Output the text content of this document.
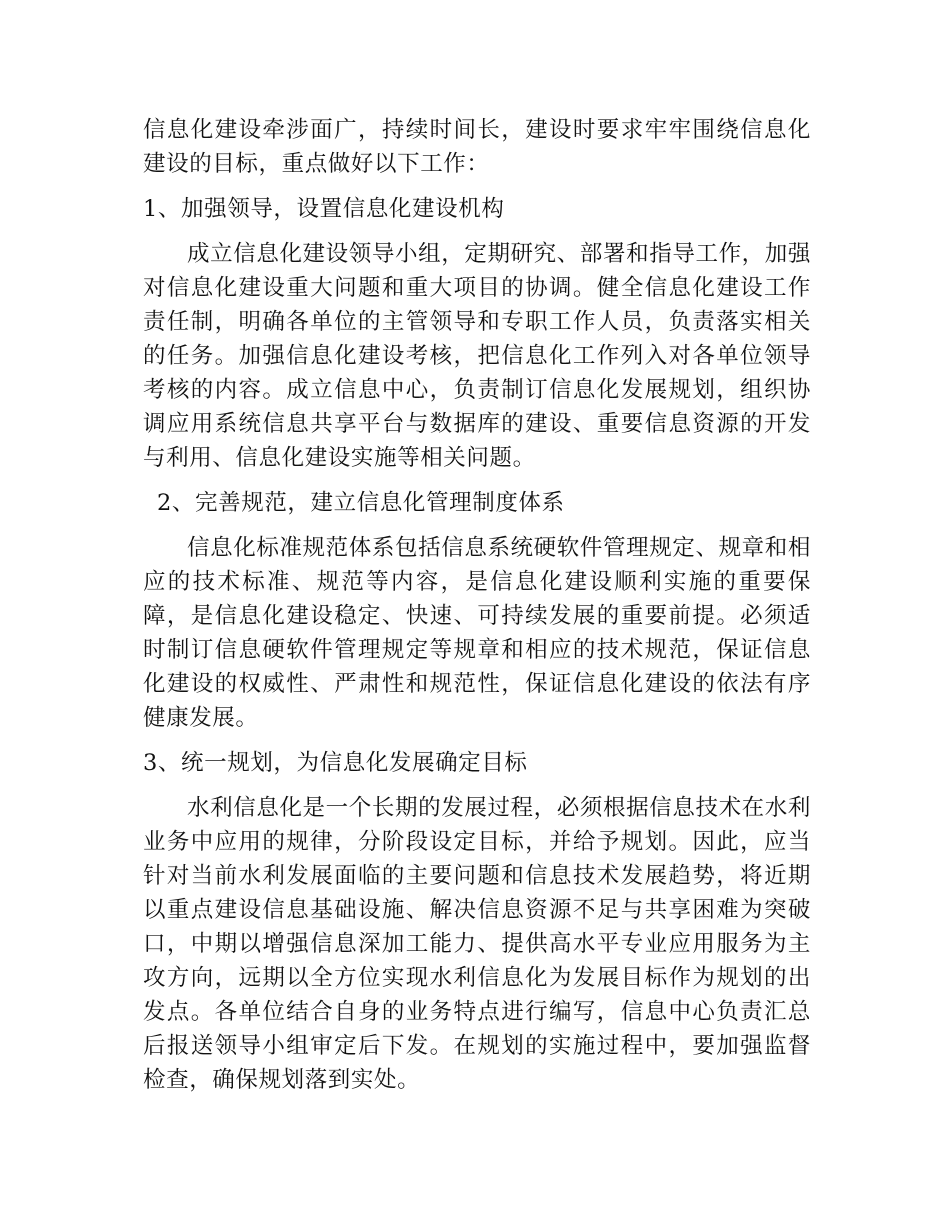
信息化建设牵涉面广，持续时间长，建设时要求牢牢围绕信息化建设的目标，重点做好以下工作：

1、加强领导，设置信息化建设机构

成立信息化建设领导小组，定期研究、部署和指导工作，加强对信息化建设重大问题和重大项目的协调。健全信息化建设工作责任制，明确各单位的主管领导和专职工作人员，负责落实相关的任务。加强信息化建设考核，把信息化工作列入对各单位领导考核的内容。成立信息中心，负责制订信息化发展规划，组织协调应用系统信息共享平台与数据库的建设、重要信息资源的开发与利用、信息化建设实施等相关问题。

2、完善规范，建立信息化管理制度体系

信息化标准规范体系包括信息系统硬软件管理规定、规章和相应的技术标准、规范等内容，是信息化建设顺利实施的重要保障，是信息化建设稳定、快速、可持续发展的重要前提。必须适时制订信息硬软件管理规定等规章和相应的技术规范，保证信息化建设的权威性、严肃性和规范性，保证信息化建设的依法有序健康发展。

3、统一规划，为信息化发展确定目标

水利信息化是一个长期的发展过程，必须根据信息技术在水利业务中应用的规律，分阶段设定目标，并给予规划。因此，应当针对当前水利发展面临的主要问题和信息技术发展趋势，将近期以重点建设信息基础设施、解决信息资源不足与共享困难为突破口，中期以增强信息深加工能力、提供高水平专业应用服务为主攻方向，远期以全方位实现水利信息化为发展目标作为规划的出发点。各单位结合自身的业务特点进行编写，信息中心负责汇总后报送领导小组审定后下发。在规划的实施过程中，要加强监督检查，确保规划落到实处。
